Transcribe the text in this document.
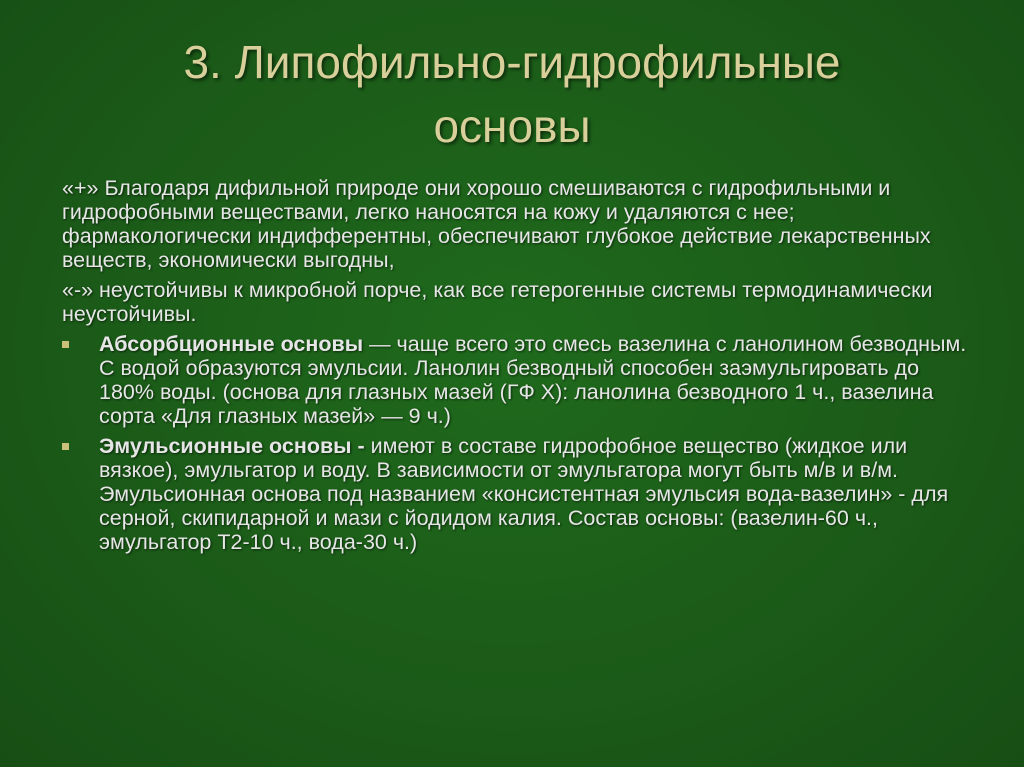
3. Липофильно-гидрофильные
основы
«+» Благодаря дифильной природе они хорошо смешиваются с гидрофильными и гидрофобными веществами, легко наносятся на кожу и удаляются с нее; фармакологически индифферентны, обеспечивают глубокое действие лекарственных веществ, экономически выгодны,
«-» неустойчивы к микробной порче, как все гетерогенные системы термодинамически неустойчивы.
Абсорбционные основы — чаще всего это смесь вазелина с ланолином безводным. С водой образуются эмульсии. Ланолин безводный способен заэмульгировать до 180% воды. (основа для глазных мазей (ГФ Х): ланолина безводного 1 ч., вазелина сорта «Для глазных мазей» — 9 ч.)
Эмульсионные основы - имеют в составе гидрофобное вещество (жидкое или вязкое), эмульгатор и воду. В зависимости от эмульгатора могут быть м/в и в/м. Эмульсионная основа под названием «консистентная эмульсия вода-вазелин» - для серной, скипидарной и мази с йодидом калия. Состав основы: (вазелин-60 ч., эмульгатор Т2-10 ч., вода-30 ч.)
